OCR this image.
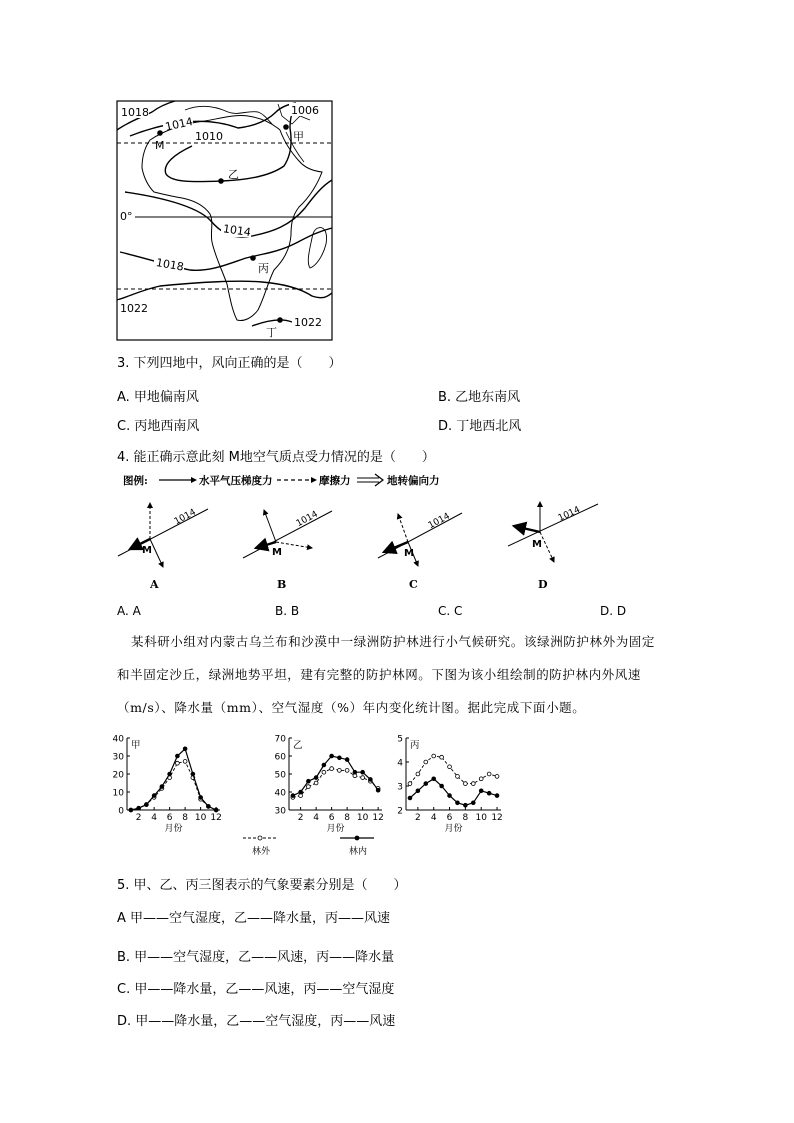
1018
1014
1010
1006
1014
1018
1022
1022
0°
M
甲
乙
丙
丁
3. 下列四地中，风向正确的是（　　）
A. 甲地偏南风	B. 乙地东南风
C. 丙地西南风	D. 丁地西北风
4. 能正确示意此刻 M地空气质点受力情况的是（　　）
图例:	水平气压梯度力	摩擦力	地转偏向力
1014
M
A
1014
M
B
1014
M
C
1014
M
D
A. A	B. B	C. C	D. D
某科研小组对内蒙古乌兰布和沙漠中一绿洲防护林进行小气候研究。该绿洲防护林外为固定
和半固定沙丘，绿洲地势平坦，建有完整的防护林网。下图为该小组绘制的防护林内外风速
（m/s）、降水量（mm）、空气湿度（%）年内变化统计图。据此完成下面小题。
0
10
20
30
40
2 4 6 8 10 12
甲
月份
30
40
50
60
70
2 4 6 8 10 12
乙
月份
2
3
4
5
2 4 6 8 10 12
丙
月份
林外	林内
5. 甲、乙、丙三图表示的气象要素分别是（　　）
A 甲——空气湿度，乙——降水量，丙——风速
B. 甲——空气湿度，乙——风速，丙——降水量
C. 甲——降水量，乙——风速，丙——空气湿度
D. 甲——降水量，乙——空气湿度，丙——风速
